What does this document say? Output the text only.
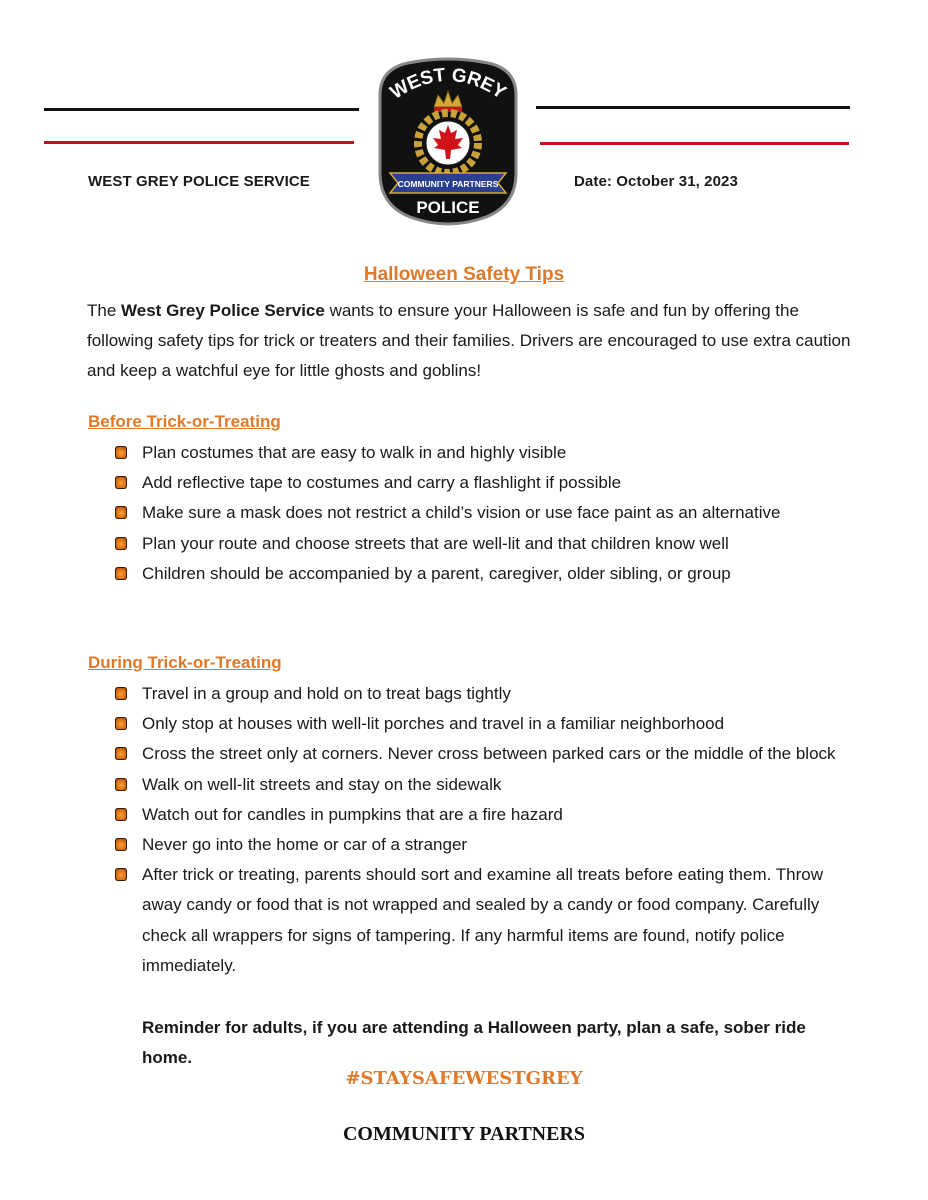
WEST GREY POLICE SERVICE	Date: October 31, 2023
WEST GREY
COMMUNITY PARTNERS
POLICE
Halloween Safety Tips
The West Grey Police Service wants to ensure your Halloween is safe and fun by offering the following safety tips for trick or treaters and their families. Drivers are encouraged to use extra caution and keep a watchful eye for little ghosts and goblins!
Before Trick-or-Treating
Plan costumes that are easy to walk in and highly visible
Add reflective tape to costumes and carry a flashlight if possible
Make sure a mask does not restrict a child’s vision or use face paint as an alternative
Plan your route and choose streets that are well-lit and that children know well
Children should be accompanied by a parent, caregiver, older sibling, or group
During Trick-or-Treating
Travel in a group and hold on to treat bags tightly
Only stop at houses with well-lit porches and travel in a familiar neighborhood
Cross the street only at corners. Never cross between parked cars or the middle of the block
Walk on well-lit streets and stay on the sidewalk
Watch out for candles in pumpkins that are a fire hazard
Never go into the home or car of a stranger
After trick or treating, parents should sort and examine all treats before eating them. Throw away candy or food that is not wrapped and sealed by a candy or food company. Carefully check all wrappers for signs of tampering. If any harmful items are found, notify police immediately.
Reminder for adults, if you are attending a Halloween party, plan a safe, sober ride home.
#STAYSAFEWESTGREY
COMMUNITY PARTNERS
